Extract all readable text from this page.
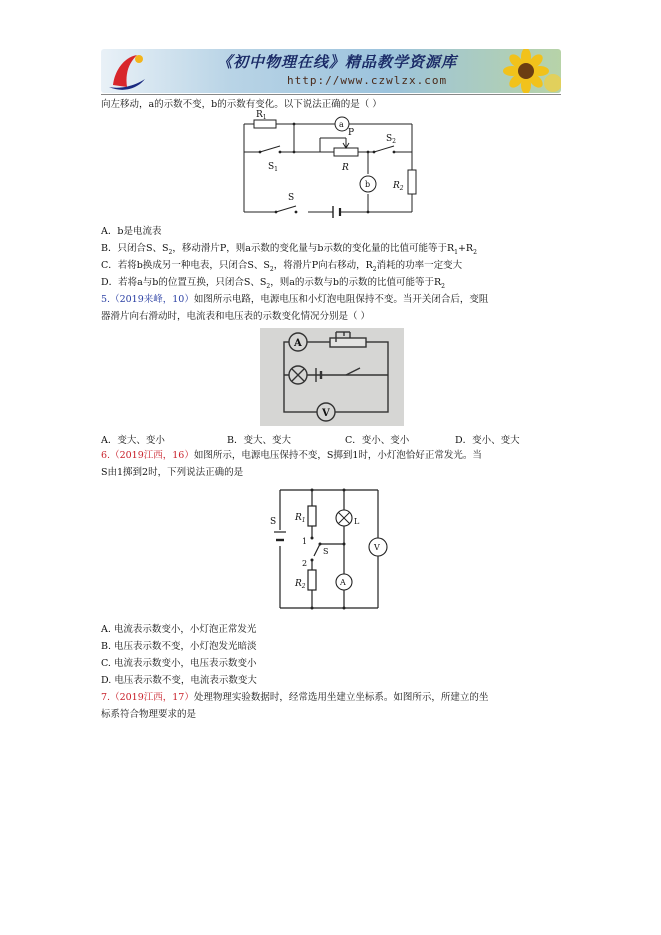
《初中物理在线》精品教学资源库
http://www.czwlzx.com
向左移动，a的示数不变，b的示数有变化。以下说法正确的是（ ）
$R_1$
a
P
R
$S_2$
$S_1$
b	$R_2$
S
A．b是电流表
B．只闭合S、$S_2$，移动滑片P，则a示数的变化量与b示数的变化量的比值可能等于$R_1+R_2$
C．若将b换成另一种电表，只闭合S、$S_2$，将滑片P向右移动，$R_2$消耗的功率一定变大
D．若将a与b的位置互换，只闭合S、$S_2$，则a的示数与b的示数的比值可能等于$R_2$
5.（2019来峰，10）如图所示电路，电源电压和小灯泡电阻保持不变。当开关闭合后，变阻
器滑片向右滑动时，电流表和电压表的示数变化情况分别是（ ）
A
V
A．变大、变小	B．变大、变大	C．变小、变小	D．变小、变大
6.（2019江西，16）如图所示，电源电压保持不变，S掷到1时，小灯泡恰好正常发光。当
S由1掷到2时，下列说法正确的是
S $R_1$	L
1
S
2
$R_2$	A
V
A. 电流表示数变小，小灯泡正常发光
B. 电压表示数不变，小灯泡发光暗淡
C. 电流表示数变小，电压表示数变小
D. 电压表示数不变，电流表示数变大
7.（2019江西，17）处理物理实验数据时，经常选用坐建立坐标系。如图所示，所建立的坐
标系符合物理要求的是
